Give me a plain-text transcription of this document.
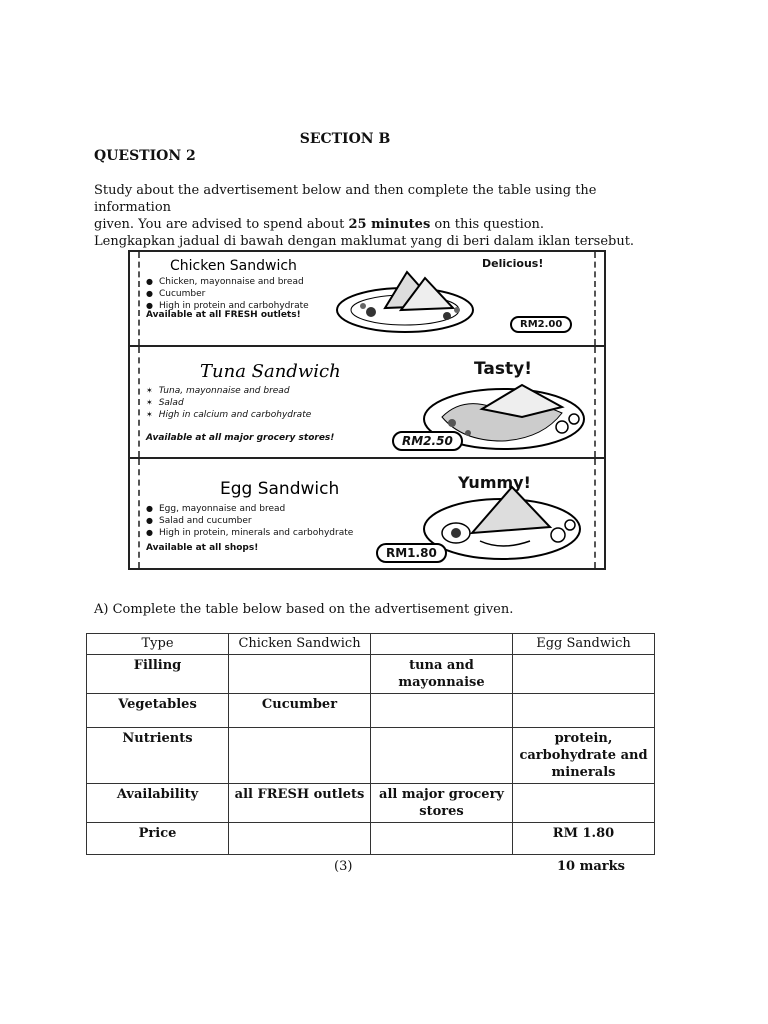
SECTION B
QUESTION 2

Study about the advertisement below and then complete the table using the information

given. You are advised to spend about 25 minutes on this question.

Lengkapkan jadual di bawah dengan maklumat yang di beri dalam iklan tersebut.

Chicken Sandwich
● Chicken, mayonnaise and bread
● Cucumber
● High in protein and carbohydrate
Available at all FRESH outlets!
Delicious!
RM2.00
Tuna Sandwich
✶ Tuna, mayonnaise and bread
✶ Salad
✶ High in calcium and carbohydrate
Available at all major grocery stores!
Tasty!
RM2.50
Egg Sandwich
● Egg, mayonnaise and bread
● Salad and cucumber
● High in protein, minerals and carbohydrate
Available at all shops!
Yummy!
RM1.80
A) Complete the table below based on the advertisement given.
Type	Chicken Sandwich		Egg Sandwich
Filling		tuna and mayonnaise	
Vegetables	Cucumber		
Nutrients			protein, carbohydrate and minerals
Availability	all FRESH outlets	all major grocery stores	
Price			RM 1.80
(3)	10 marks
